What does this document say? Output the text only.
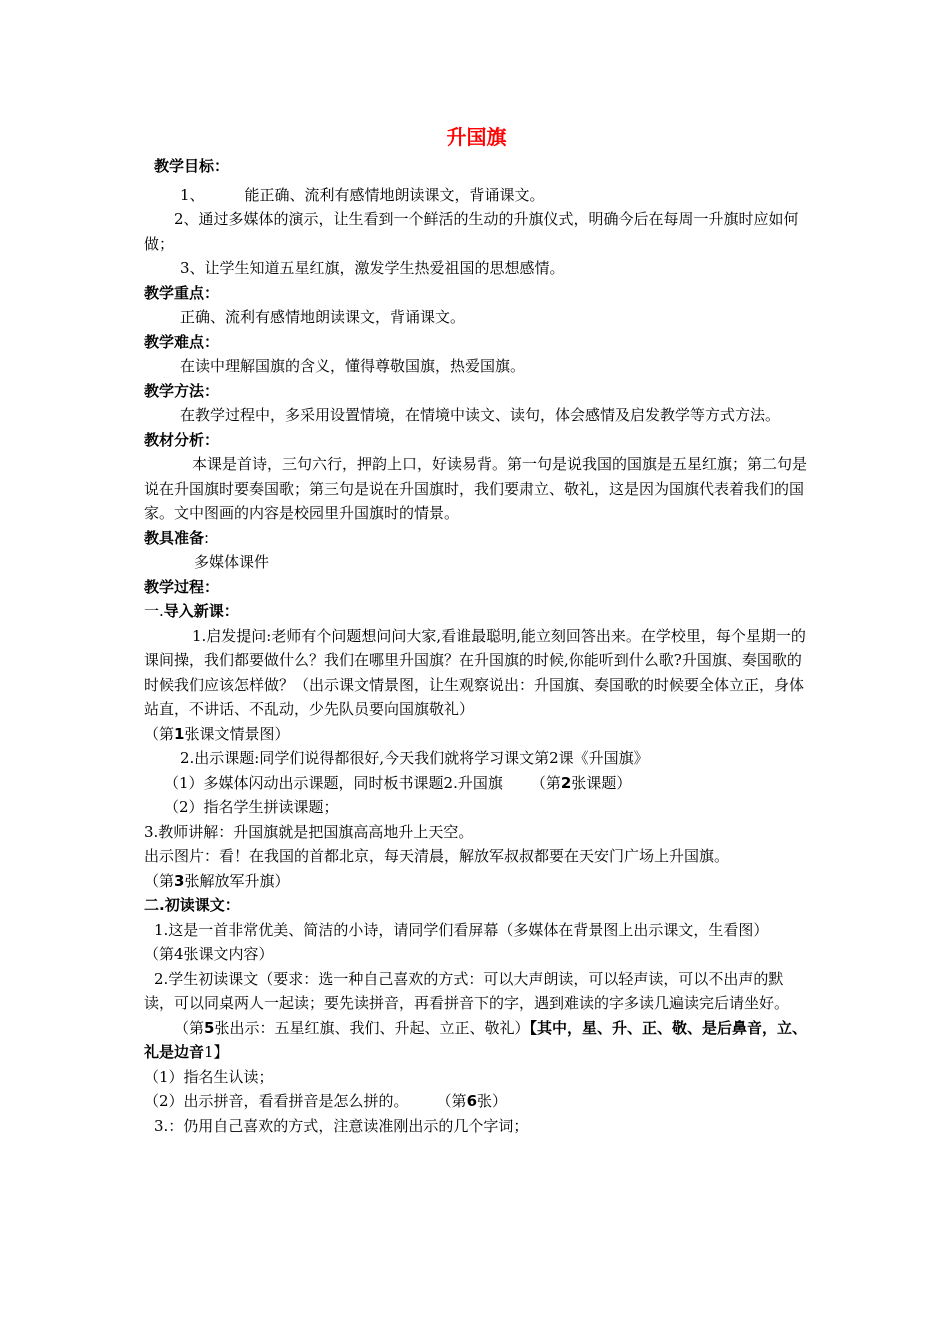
升国旗

教学目标：

1、	能正确、流利有感情地朗读课文，背诵课文。

2、通过多媒体的演示，让生看到一个鲜活的生动的升旗仪式，明确今后在每周一升旗时应如何做；

3、让学生知道五星红旗，激发学生热爱祖国的思想感情。

教学重点：

正确、流利有感情地朗读课文，背诵课文。

教学难点：

在读中理解国旗的含义，懂得尊敬国旗，热爱国旗。

教学方法：

在教学过程中，多采用设置情境，在情境中读文、读句，体会感情及启发教学等方式方法。

教材分析：

本课是首诗，三句六行，押韵上口，好读易背。第一句是说我国的国旗是五星红旗；第二句是说在升国旗时要奏国歌；第三句是说在升国旗时，我们要肃立、敬礼，这是因为国旗代表着我们的国家。文中图画的内容是校园里升国旗时的情景。

教具准备:

多媒体课件

教学过程：

一.导入新课：

1.启发提问:老师有个问题想问问大家,看谁最聪明,能立刻回答出来。在学校里，每个星期一的课间操，我们都要做什么？我们在哪里升国旗？在升国旗的时候,你能听到什么歌?升国旗、奏国歌的时候我们应该怎样做？（出示课文情景图，让生观察说出：升国旗、奏国歌的时候要全体立正，身体站直，不讲话、不乱动，少先队员要向国旗敬礼）

（第1张课文情景图）

2.出示课题:同学们说得都很好,今天我们就将学习课文第2课《升国旗》

（1）多媒体闪动出示课题，同时板书课题2.升国旗 （第2张课题）

（2）指名学生拼读课题；

3.教师讲解：升国旗就是把国旗高高地升上天空。

出示图片：看！在我国的首都北京，每天清晨，解放军叔叔都要在天安门广场上升国旗。

（第3张解放军升旗）

二.初读课文：

1.这是一首非常优美、简洁的小诗，请同学们看屏幕（多媒体在背景图上出示课文，生看图）（第4张课文内容）

2.学生初读课文（要求：选一种自己喜欢的方式：可以大声朗读，可以轻声读，可以不出声的默读，可以同桌两人一起读；要先读拼音，再看拼音下的字，遇到难读的字多读几遍读完后请坐好。

（第5张出示：五星红旗、我们、升起、立正、敬礼）【其中，星、升、正、敬、是后鼻音，立、礼是边音1】

（1）指名生认读；

（2）出示拼音，看看拼音是怎么拼的。 （第6张）

3.：仍用自己喜欢的方式，注意读准刚出示的几个字词；
